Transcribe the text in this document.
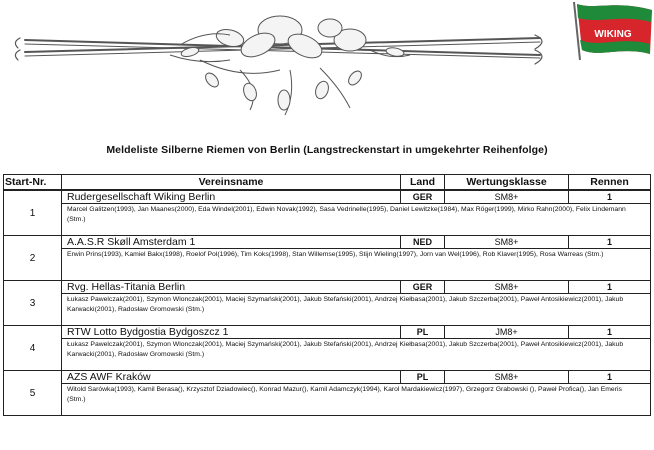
WIKING
Meldeliste Silberne Riemen von Berlin (Langstreckenstart in umgekehrter Reihenfolge)
Start-Nr.	Vereinsname	Land	Wertungsklasse	Rennen
1	Rudergesellschaft Wiking Berlin	GER	SM8+	1
	Marcel Galitzen(1993), Jan Maanes(2000), Eda Windel(2001), Edwin Novak(1992), Sasa Vedrinelle(1995), Daniel Lewitzke(1984), Max Röger(1999), Mirko Rahn(2000), Felix Lindemann (Stm.)			
2	A.A.S.R Skøll Amsterdam 1	NED	SM8+	1
	Erwin Prins(1993), Kamiel Bakx(1998), Roelof Pol(1996), Tim Koks(1998), Stan Willemse(1995), Stijn Wieling(1997), Jorn van Wel(1996), Rob Klaver(1995), Rosa Warreas (Stm.)			
3	Rvg. Hellas-Titania Berlin	GER	SM8+	1
	Łukasz Pawelczak(2001), Szymon Wlonczak(2001), Maciej Szymański(2001), Jakub Stefański(2001), Andrzej Kiełbasa(2001), Jakub Szczerba(2001), Paweł Antosikiewicz(2001), Jakub Karwacki(2001), Radosław Gromowski (Stm.)			
4	RTW Lotto Bydgostia Bydgoszcz 1	PL	JM8+	1
	Łukasz Pawelczak(2001), Szymon Wlonczak(2001), Maciej Szymański(2001), Jakub Stefański(2001), Andrzej Kiełbasa(2001), Jakub Szczerba(2001), Paweł Antosikiewicz(2001), Jakub Karwacki(2001), Radosław Gromowski (Stm.)			
5	AZS AWF Kraków	PL	SM8+	1
	Witold Sarówka(1993), Kamil Berasa(), Krzysztof Dziadowiec(), Konrad Mazur(), Kamil Adamczyk(1994), Karol Mardakiewicz(1997), Grzegorz Grabowski (), Paweł Profica(), Jan Emeris (Stm.)			
